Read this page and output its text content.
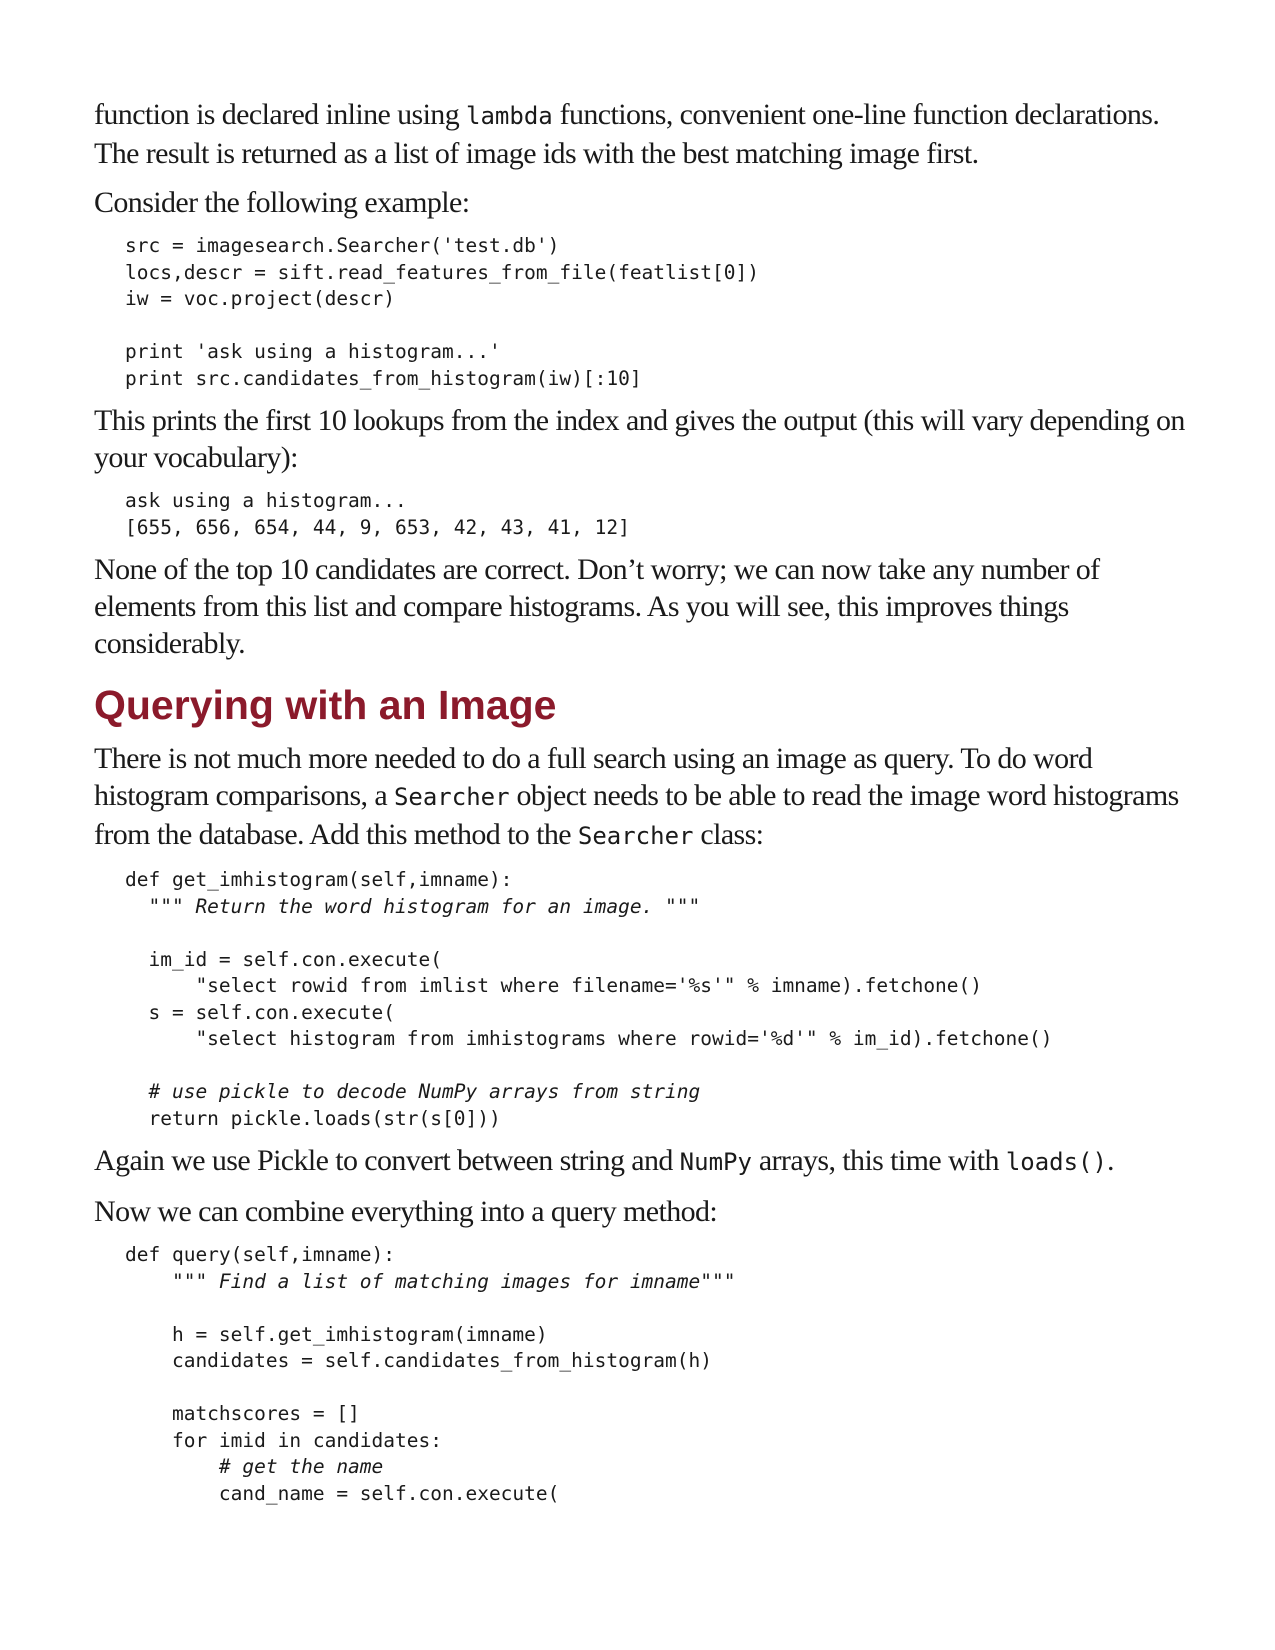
function is declared inline using lambda functions, convenient one-line function declarations. The result is returned as a list of image ids with the best matching image first.

Consider the following example:

src = imagesearch.Searcher('test.db')
locs,descr = sift.read_features_from_file(featlist[0])
iw = voc.project(descr)
print 'ask using a histogram...'
print src.candidates_from_histogram(iw)[:10]

This prints the first 10 lookups from the index and gives the output (this will vary depending on your vocabulary):

ask using a histogram...
[655, 656, 654, 44, 9, 653, 42, 43, 41, 12]

None of the top 10 candidates are correct. Don’t worry; we can now take any number of elements from this list and compare histograms. As you will see, this improves things considerably.

Querying with an Image

There is not much more needed to do a full search using an image as query. To do word histogram comparisons, a Searcher object needs to be able to read the image word histograms from the database. Add this method to the Searcher class:

def get_imhistogram(self,imname):
""" Return the word histogram for an image. """
im_id = self.con.execute(
"select rowid from imlist where filename='%s'" % imname).fetchone()
s = self.con.execute(
"select histogram from imhistograms where rowid='%d'" % im_id).fetchone()
# use pickle to decode NumPy arrays from string
return pickle.loads(str(s[0]))

Again we use Pickle to convert between string and NumPy arrays, this time with loads().

Now we can combine everything into a query method:

def query(self,imname):
""" Find a list of matching images for imname"""
h = self.get_imhistogram(imname)
candidates = self.candidates_from_histogram(h)
matchscores = []
for imid in candidates:
# get the name
cand_name = self.con.execute(
